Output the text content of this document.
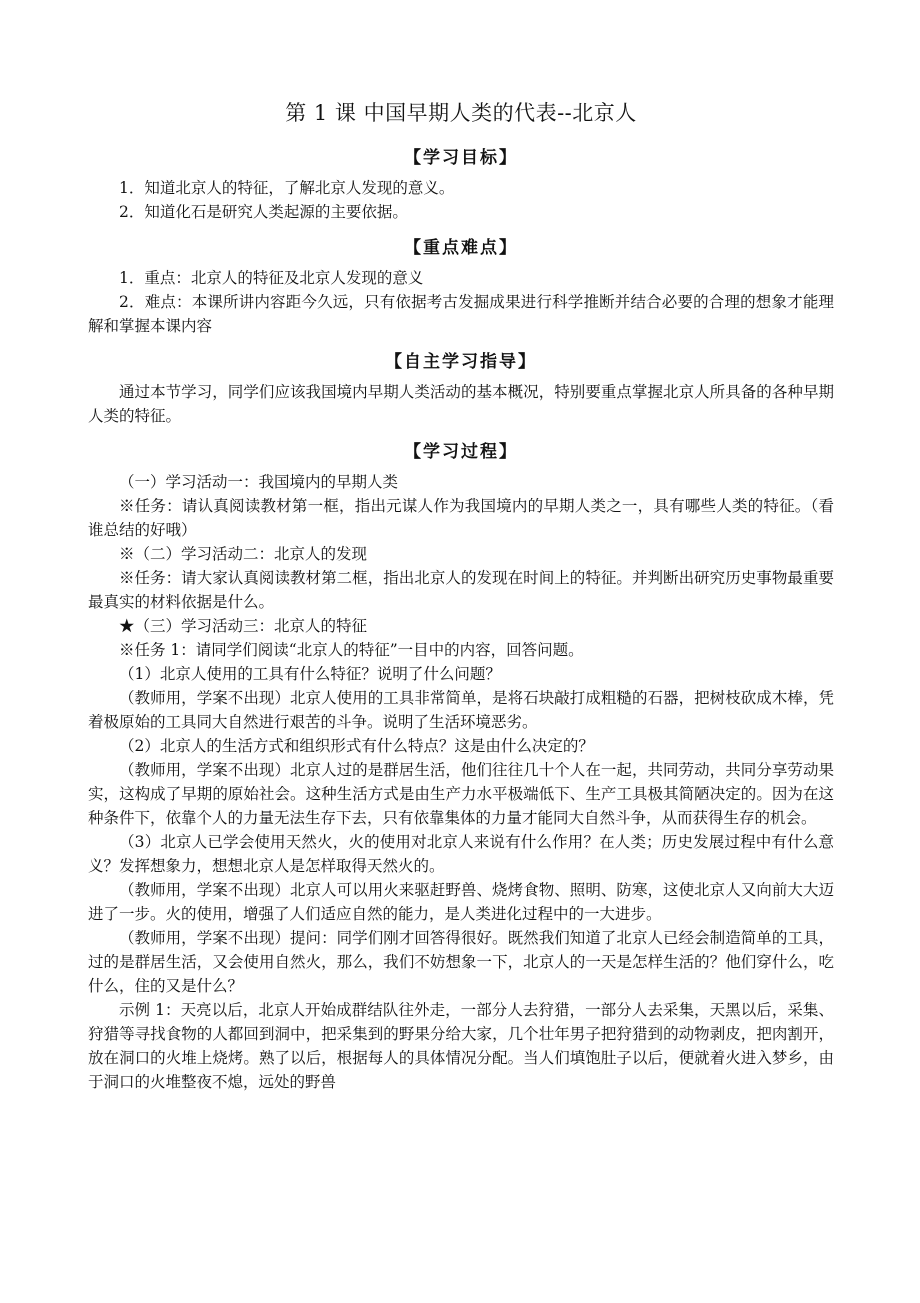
第 1 课 中国早期人类的代表--北京人
【学习目标】

1．知道北京人的特征，了解北京人发现的意义。

2．知道化石是研究人类起源的主要依据。

【重点难点】

1．重点：北京人的特征及北京人发现的意义

2．难点：本课所讲内容距今久远，只有依据考古发掘成果进行科学推断并结合必要的合理的想象才能理解和掌握本课内容

【自主学习指导】

通过本节学习，同学们应该我国境内早期人类活动的基本概况，特别要重点掌握北京人所具备的各种早期人类的特征。

【学习过程】

（一）学习活动一：我国境内的早期人类

※任务：请认真阅读教材第一框，指出元谋人作为我国境内的早期人类之一，具有哪些人类的特征。（看谁总结的好哦）

※（二）学习活动二：北京人的发现

※任务：请大家认真阅读教材第二框，指出北京人的发现在时间上的特征。并判断出研究历史事物最重要最真实的材料依据是什么。

★（三）学习活动三：北京人的特征

※任务 1：请同学们阅读“北京人的特征”一目中的内容，回答问题。

（1）北京人使用的工具有什么特征？说明了什么问题？

（教师用，学案不出现）北京人使用的工具非常简单，是将石块敲打成粗糙的石器，把树枝砍成木棒，凭着极原始的工具同大自然进行艰苦的斗争。说明了生活环境恶劣。

（2）北京人的生活方式和组织形式有什么特点？这是由什么决定的？

（教师用，学案不出现）北京人过的是群居生活，他们往往几十个人在一起，共同劳动，共同分享劳动果实，这构成了早期的原始社会。这种生活方式是由生产力水平极端低下、生产工具极其简陋决定的。因为在这种条件下，依靠个人的力量无法生存下去，只有依靠集体的力量才能同大自然斗争，从而获得生存的机会。

（3）北京人已学会使用天然火，火的使用对北京人来说有什么作用？在人类；历史发展过程中有什么意义？发挥想象力，想想北京人是怎样取得天然火的。

（教师用，学案不出现）北京人可以用火来驱赶野兽、烧烤食物、照明、防寒，这使北京人又向前大大迈进了一步。火的使用，增强了人们适应自然的能力，是人类进化过程中的一大进步。

（教师用，学案不出现）提问：同学们刚才回答得很好。既然我们知道了北京人已经会制造简单的工具，过的是群居生活，又会使用自然火，那么，我们不妨想象一下，北京人的一天是怎样生活的？他们穿什么，吃什么，住的又是什么？

示例 1：天亮以后，北京人开始成群结队往外走，一部分人去狩猎，一部分人去采集，天黑以后，采集、狩猎等寻找食物的人都回到洞中，把采集到的野果分给大家，几个壮年男子把狩猎到的动物剥皮，把肉割开，放在洞口的火堆上烧烤。熟了以后，根据每人的具体情况分配。当人们填饱肚子以后，便就着火进入梦乡，由于洞口的火堆整夜不熄，远处的野兽
